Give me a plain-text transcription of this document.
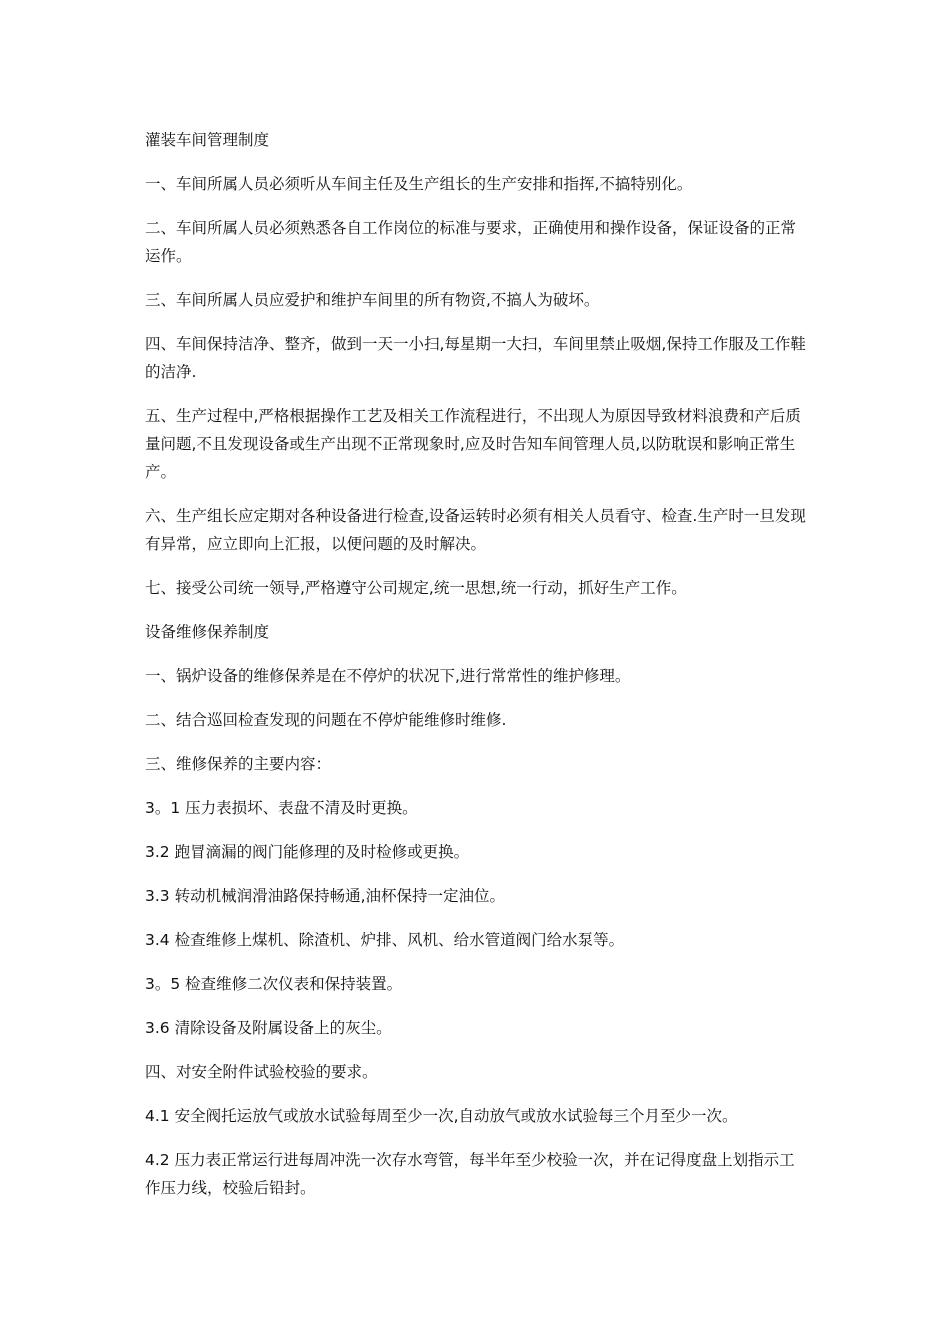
灌装车间管理制度

一、车间所属人员必须听从车间主任及生产组长的生产安排和指挥,不搞特别化。

二、车间所属人员必须熟悉各自工作岗位的标准与要求，正确使用和操作设备，保证设备的正常运作。

三、车间所属人员应爱护和维护车间里的所有物资,不搞人为破坏。

四、车间保持洁净、整齐，做到一天一小扫,每星期一大扫，车间里禁止吸烟,保持工作服及工作鞋的洁净.

五、生产过程中,严格根据操作工艺及相关工作流程进行，不出现人为原因导致材料浪费和产后质量问题,不且发现设备或生产出现不正常现象时,应及时告知车间管理人员,以防耽误和影响正常生产。

六、生产组长应定期对各种设备进行检查,设备运转时必须有相关人员看守、检查.生产时一旦发现有异常，应立即向上汇报，以便问题的及时解决。

七、接受公司统一领导,严格遵守公司规定,统一思想,统一行动，抓好生产工作。

设备维修保养制度

一、锅炉设备的维修保养是在不停炉的状况下,进行常常性的维护修理。

二、结合巡回检查发现的问题在不停炉能维修时维修.

三、维修保养的主要内容：

3。1 压力表损坏、表盘不清及时更换。

3.2 跑冒滴漏的阀门能修理的及时检修或更换。

3.3 转动机械润滑油路保持畅通,油杯保持一定油位。

3.4 检查维修上煤机、除渣机、炉排、风机、给水管道阀门给水泵等。

3。5 检查维修二次仪表和保持装置。

3.6 清除设备及附属设备上的灰尘。

四、对安全附件试验校验的要求。

4.1 安全阀托运放气或放水试验每周至少一次,自动放气或放水试验每三个月至少一次。

4.2 压力表正常运行进每周冲洗一次存水弯管，每半年至少校验一次，并在记得度盘上划指示工作压力线，校验后铅封。
